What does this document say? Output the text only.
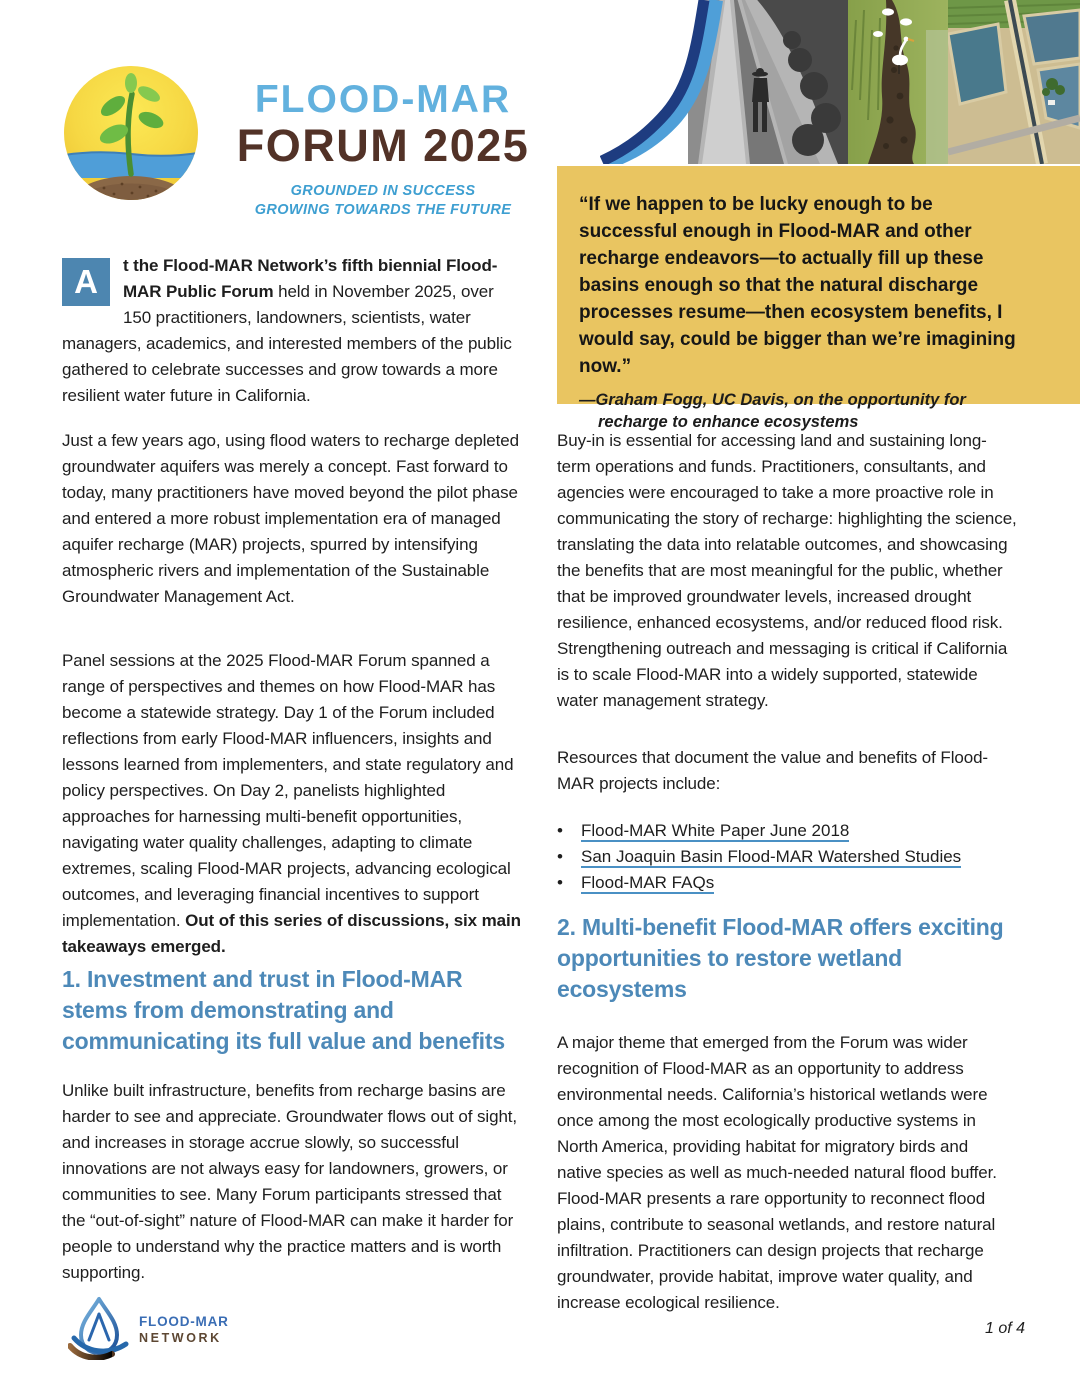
FLOOD-MAR
FORUM 2025
GROUNDED IN SUCCESS
GROWING TOWARDS THE FUTURE	“If we happen to be lucky enough to be successful enough in Flood-MAR and other recharge endeavors—to actually fill up these basins enough so that the natural discharge processes resume—then ecosystem benefits, I would say, could be bigger than we’re imagining now.”
—Graham Fogg, UC Davis, on the opportunity for recharge to enhance ecosystems
A	t the Flood-MAR Network’s fifth biennial Flood-MAR Public Forum held in November 2025, over 150 practitioners, landowners, scientists, water managers, academics, and interested members of the public gathered to celebrate successes and grow towards a more resilient water future in California.
Just a few years ago, using flood waters to recharge depleted groundwater aquifers was merely a concept. Fast forward to today, many practitioners have moved beyond the pilot phase and entered a more robust implementation era of managed aquifer recharge (MAR) projects, spurred by intensifying atmospheric rivers and implementation of the Sustainable Groundwater Management Act.
Panel sessions at the 2025 Flood-MAR Forum spanned a range of perspectives and themes on how Flood-MAR has become a statewide strategy. Day 1 of the Forum included reflections from early Flood-MAR influencers, insights and lessons learned from implementers, and state regulatory and policy perspectives. On Day 2, panelists highlighted approaches for harnessing multi-benefit opportunities, navigating water quality challenges, adapting to climate extremes, scaling Flood-MAR projects, advancing ecological outcomes, and leveraging financial incentives to support implementation. Out of this series of discussions, six main takeaways emerged.
1. Investment and trust in Flood-MAR stems from demonstrating and communicating its full value and benefits
Unlike built infrastructure, benefits from recharge basins are harder to see and appreciate. Groundwater flows out of sight, and increases in storage accrue slowly, so successful innovations are not always easy for landowners, growers, or communities to see. Many Forum participants stressed that the “out-of-sight” nature of Flood-MAR can make it harder for people to understand why the practice matters and is worth supporting.
Buy-in is essential for accessing land and sustaining long-term operations and funds. Practitioners, consultants, and agencies were encouraged to take a more proactive role in communicating the story of recharge: highlighting the science, translating the data into relatable outcomes, and showcasing the benefits that are most meaningful for the public, whether that be improved groundwater levels, increased drought resilience, enhanced ecosystems, and/or reduced flood risk. Strengthening outreach and messaging is critical if California is to scale Flood-MAR into a widely supported, statewide water management strategy.
Resources that document the value and benefits of Flood-MAR projects include:
• Flood-MAR White Paper June 2018
• San Joaquin Basin Flood-MAR Watershed Studies
• Flood-MAR FAQs
2. Multi-benefit Flood-MAR offers exciting opportunities to restore wetland ecosystems
A major theme that emerged from the Forum was wider recognition of Flood-MAR as an opportunity to address environmental needs. California’s historical wetlands were once among the most ecologically productive systems in North America, providing habitat for migratory birds and native species as well as much-needed natural flood buffer. Flood-MAR presents a rare opportunity to reconnect flood plains, contribute to seasonal wetlands, and restore natural infiltration. Practitioners can design projects that recharge groundwater, provide habitat, improve water quality, and increase ecological resilience.
FLOOD-MAR
NETWORK
1 of 4
